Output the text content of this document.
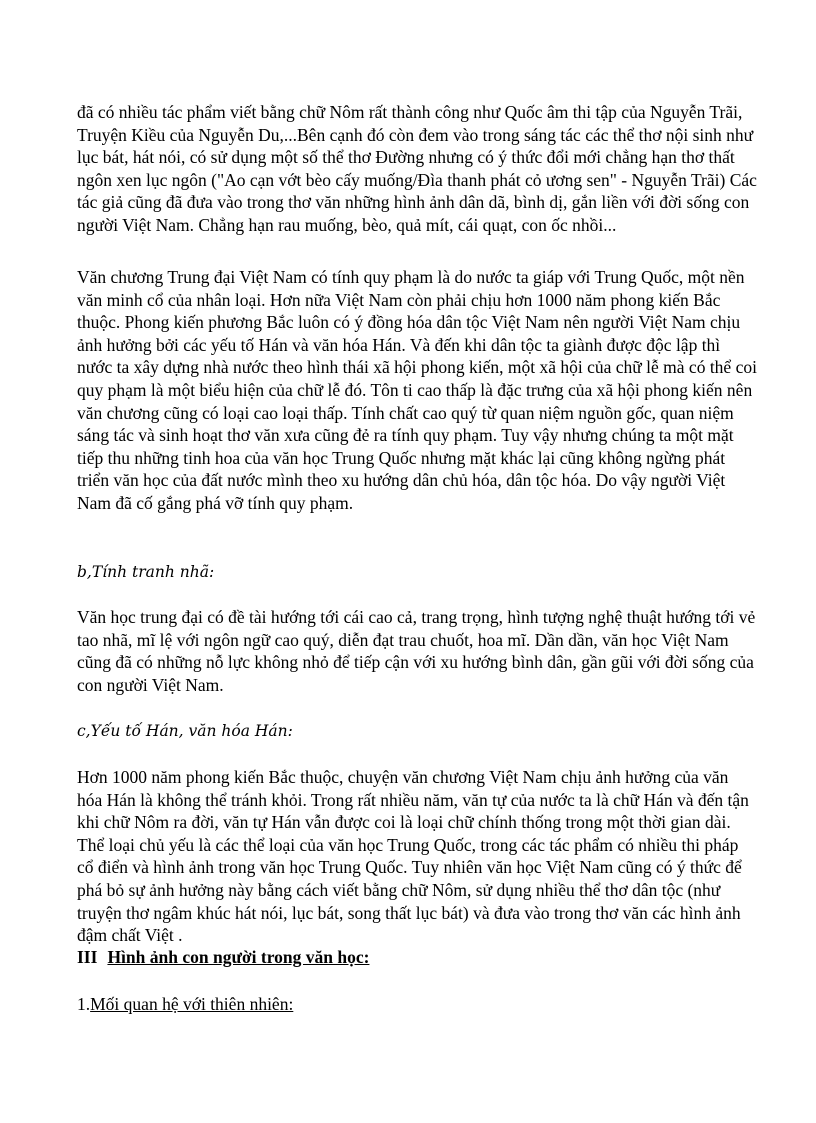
đã có nhiều tác phẩm viết bằng chữ Nôm rất thành công như Quốc âm thi tập của Nguyễn Trãi, Truyện Kiều của Nguyễn Du,...Bên cạnh đó còn đem vào trong sáng tác các thể thơ nội sinh như lục bát, hát nói, có sử dụng một số thể thơ Đường nhưng có ý thức đổi mới chẳng hạn thơ thất ngôn xen lục ngôn ("Ao cạn vớt bèo cấy muống/Đìa thanh phát cỏ ương sen" - Nguyễn Trãi) Các tác giả cũng đã đưa vào trong thơ văn những hình ảnh dân dã, bình dị, gắn liền với đời sống con người Việt Nam. Chẳng hạn rau muống, bèo, quả mít, cái quạt, con ốc nhồi...

Văn chương Trung đại Việt Nam có tính quy phạm là do nước ta giáp với Trung Quốc, một nền văn minh cổ của nhân loại. Hơn nữa Việt Nam còn phải chịu hơn 1000 năm phong kiến Bắc thuộc. Phong kiến phương Bắc luôn có ý đồng hóa dân tộc Việt Nam nên người Việt Nam chịu ảnh hưởng bởi các yếu tố Hán và văn hóa Hán. Và đến khi dân tộc ta giành được độc lập thì nước ta xây dựng nhà nước theo hình thái xã hội phong kiến, một xã hội của chữ lễ mà có thể coi quy phạm là một biểu hiện của chữ lễ đó. Tôn ti cao thấp là đặc trưng của xã hội phong kiến nên văn chương cũng có loại cao loại thấp. Tính chất cao quý từ quan niệm nguồn gốc, quan niệm sáng tác và sinh hoạt thơ văn xưa cũng đẻ ra tính quy phạm. Tuy vậy nhưng chúng ta một mặt tiếp thu những tinh hoa của văn học Trung Quốc nhưng mặt khác lại cũng không ngừng phát triển văn học của đất nước mình theo xu hướng dân chủ hóa, dân tộc hóa. Do vậy người Việt Nam đã cố gắng phá vỡ tính quy phạm.

b,Tính tranh nhã:

Văn học trung đại có đề tài hướng tới cái cao cả, trang trọng, hình tượng nghệ thuật hướng tới vẻ tao nhã, mĩ lệ với ngôn ngữ cao quý, diễn đạt trau chuốt, hoa mĩ. Dần dần, văn học Việt Nam cũng đã có những nỗ lực không nhỏ để tiếp cận với xu hướng bình dân, gần gũi với đời sống của con người Việt Nam.

c,Yếu tố Hán, văn hóa Hán:

Hơn 1000 năm phong kiến Bắc thuộc, chuyện văn chương Việt Nam chịu ảnh hưởng của văn hóa Hán là không thể tránh khỏi. Trong rất nhiều năm, văn tự của nước ta là chữ Hán và đến tận khi chữ Nôm ra đời, văn tự Hán vẫn được coi là loại chữ chính thống trong một thời gian dài. Thể loại chủ yếu là các thể loại của văn học Trung Quốc, trong các tác phẩm có nhiều thi pháp cổ điển và hình ảnh trong văn học Trung Quốc. Tuy nhiên văn học Việt Nam cũng có ý thức để phá bỏ sự ảnh hưởng này bằng cách viết bằng chữ Nôm, sử dụng nhiều thể thơ dân tộc (như truyện thơ ngâm khúc hát nói, lục bát, song thất lục bát) và đưa vào trong thơ văn các hình ảnh đậm chất Việt .

III Hình ảnh con người trong văn học:

1.Mối quan hệ với thiên nhiên:
